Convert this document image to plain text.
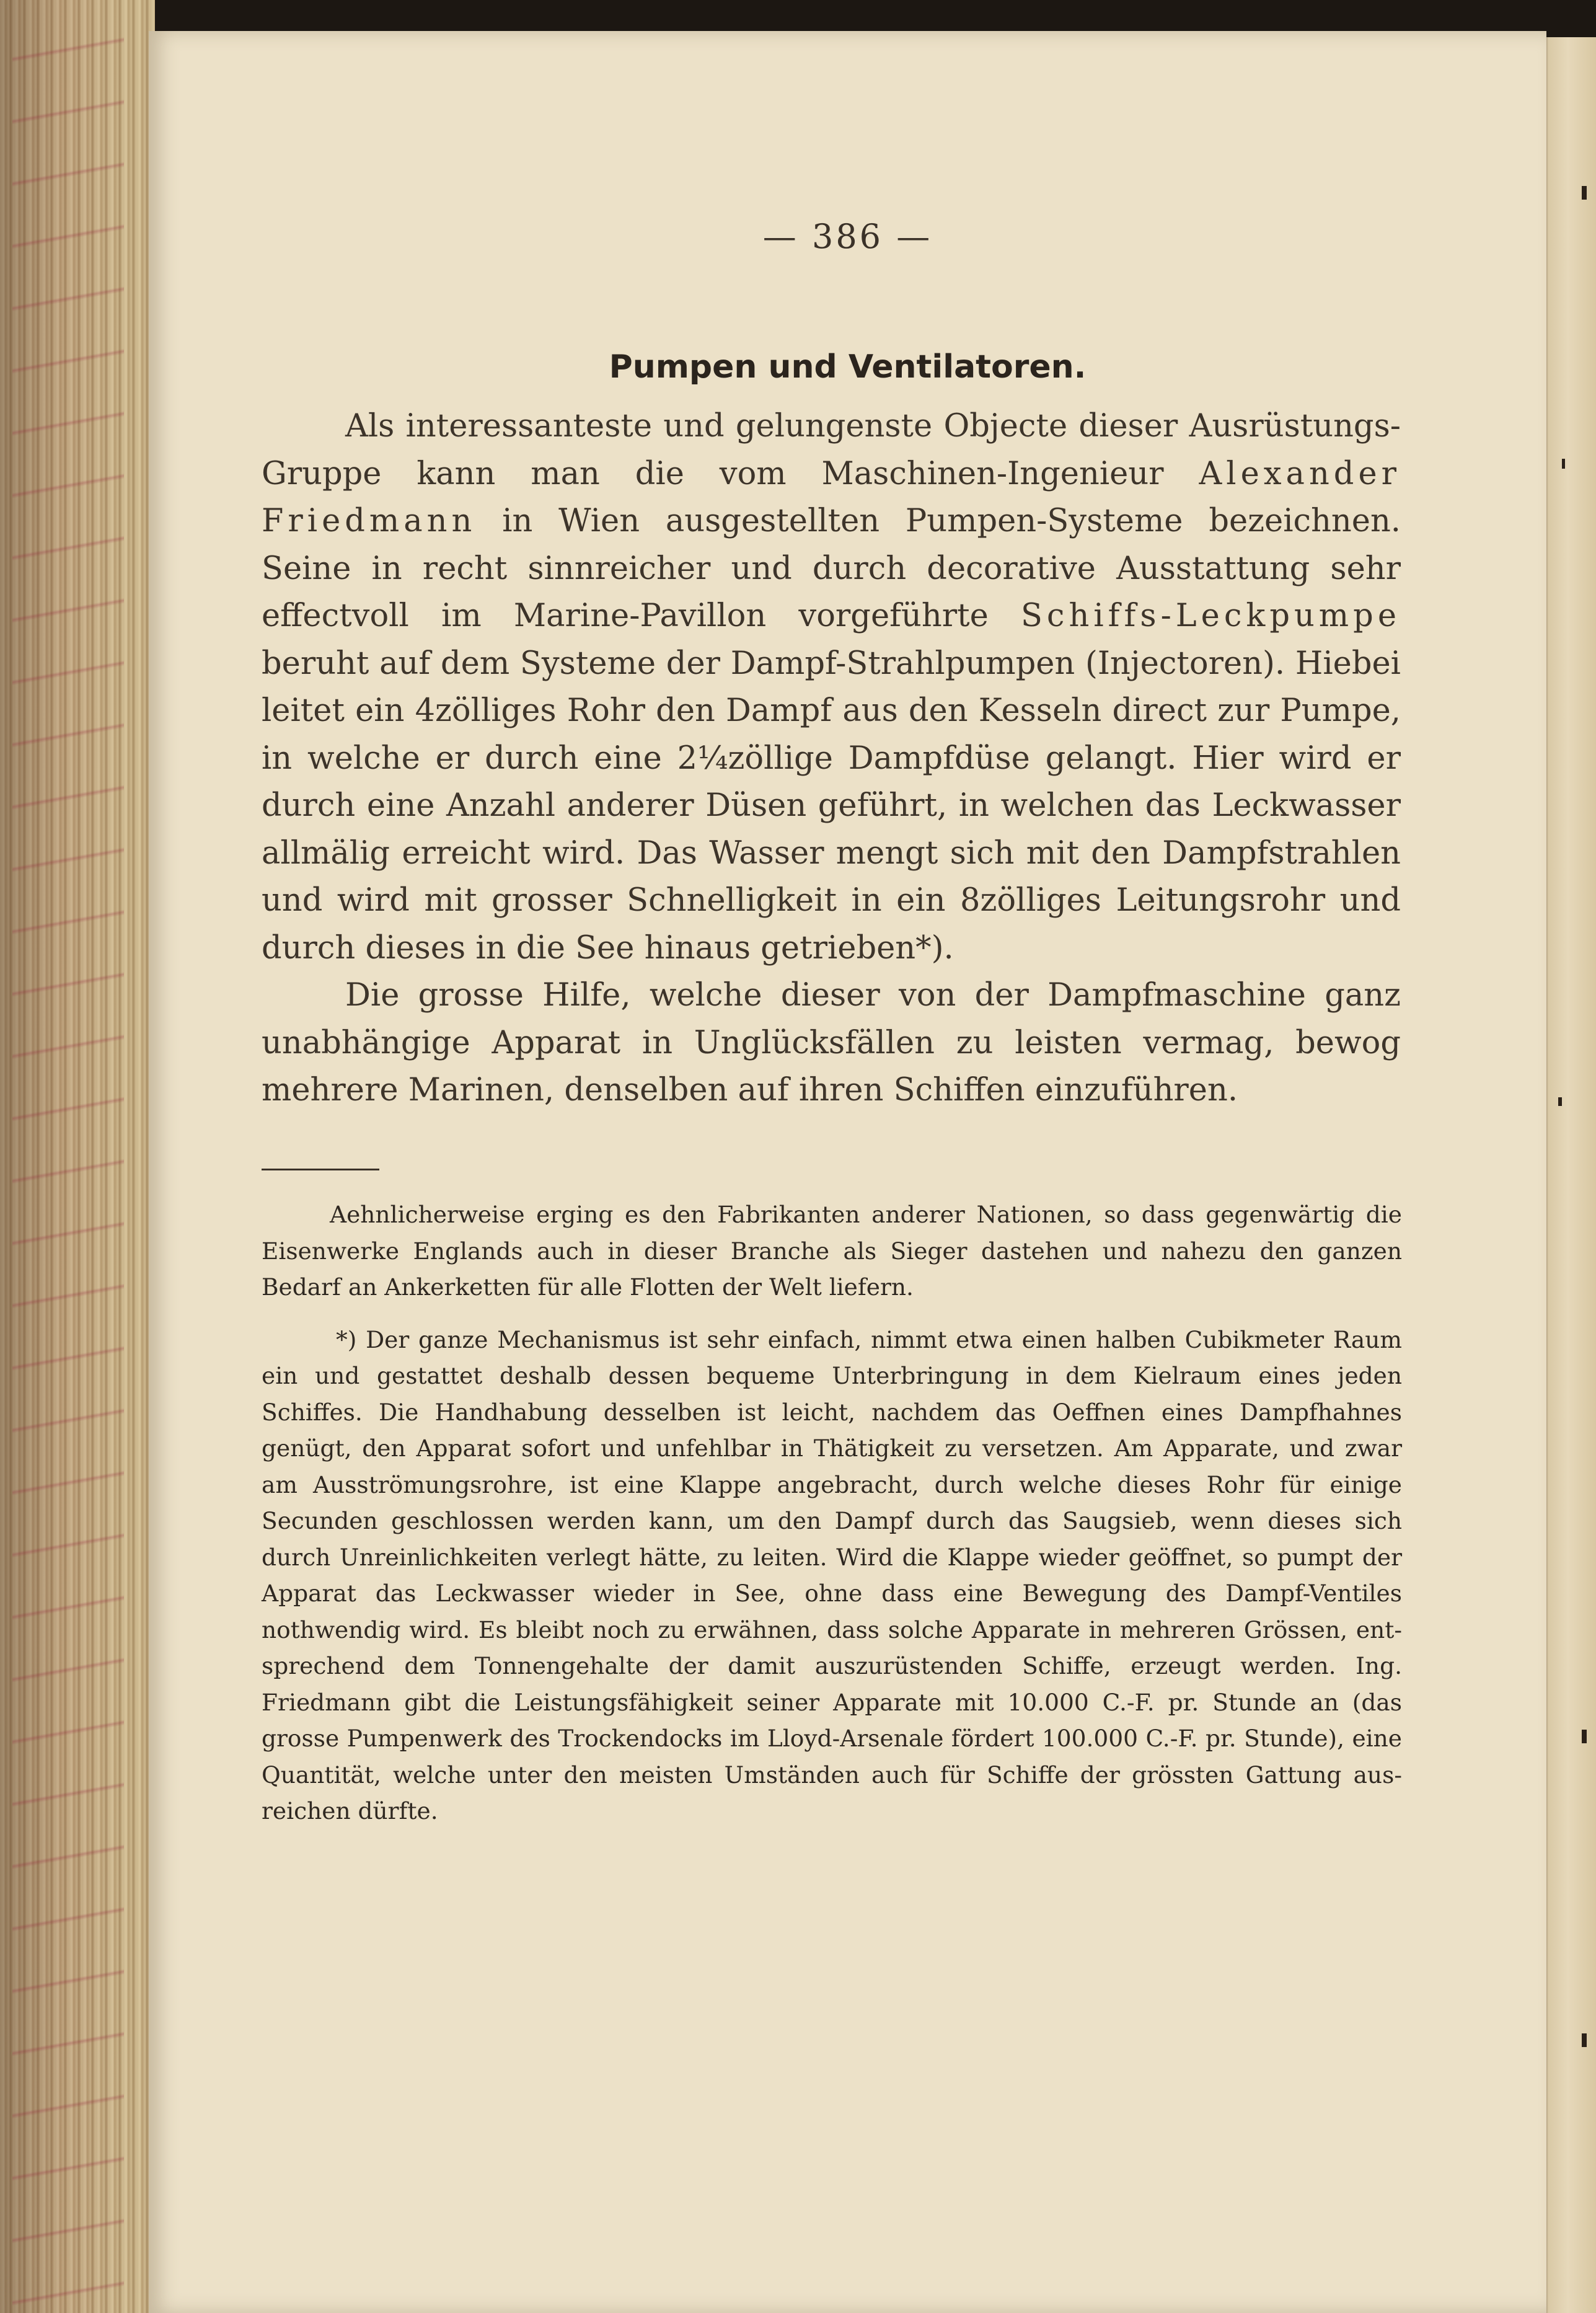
— 386 —
Pumpen und Ventilatoren.

Als interessanteste und gelungenste Objecte dieser Ausrüstungs-Gruppe kann man die vom Maschinen-Ingenieur Alexander Friedmann in Wien ausgestellten Pumpen-Systeme bezeichnen. Seine in recht sinnreicher und durch decorative Ausstattung sehr effectvoll im Marine-Pavillon vorgeführte Schiffs-Leckpumpe beruht auf dem Systeme der Dampf-Strahlpumpen (Injectoren). Hiebei leitet ein 4zölliges Rohr den Dampf aus den Kesseln direct zur Pumpe, in welche er durch eine 2¼zöllige Dampfdüse gelangt. Hier wird er durch eine Anzahl anderer Düsen geführt, in welchen das Leckwasser allmälig erreicht wird. Das Wasser mengt sich mit den Dampfstrahlen und wird mit grosser Schnelligkeit in ein 8zölliges Leitungsrohr und durch dieses in die See hinaus getrieben*).

Die grosse Hilfe, welche dieser von der Dampfmaschine ganz unabhängige Apparat in Unglücksfällen zu leisten vermag, bewog mehrere Marinen, denselben auf ihren Schiffen einzuführen.

Aehnlicherweise erging es den Fabrikanten anderer Nationen, so dass gegenwärtig die Eisenwerke Englands auch in dieser Branche als Sieger dastehen und nahezu den ganzen Bedarf an Ankerketten für alle Flotten der Welt liefern.

*) Der ganze Mechanismus ist sehr einfach, nimmt etwa einen halben Cubikmeter Raum ein und gestattet deshalb dessen bequeme Unterbringung in dem Kielraum eines jeden Schiffes. Die Handhabung desselben ist leicht, nachdem das Oeffnen eines Dampfhahnes genügt, den Apparat sofort und unfehlbar in Thätigkeit zu versetzen. Am Apparate, und zwar am Ausströmungsrohre, ist eine Klappe angebracht, durch welche dieses Rohr für einige Secunden geschlossen werden kann, um den Dampf durch das Saugsieb, wenn dieses sich durch Unreinlichkeiten verlegt hätte, zu leiten. Wird die Klappe wieder geöffnet, so pumpt der Apparat das Leckwasser wieder in See, ohne dass eine Bewegung des Dampf-Ventiles nothwendig wird. Es bleibt noch zu erwähnen, dass solche Apparate in mehreren Grössen, entsprechend dem Tonnengehalte der damit auszurüstenden Schiffe, erzeugt werden. Ing. Friedmann gibt die Leistungsfähigkeit seiner Apparate mit 10.000 C.-F. pr. Stunde an (das grosse Pumpenwerk des Trockendocks im Lloyd-Arsenale fördert 100.000 C.-F. pr. Stunde), eine Quantität, welche unter den meisten Umständen auch für Schiffe der grössten Gattung ausreichen dürfte.
